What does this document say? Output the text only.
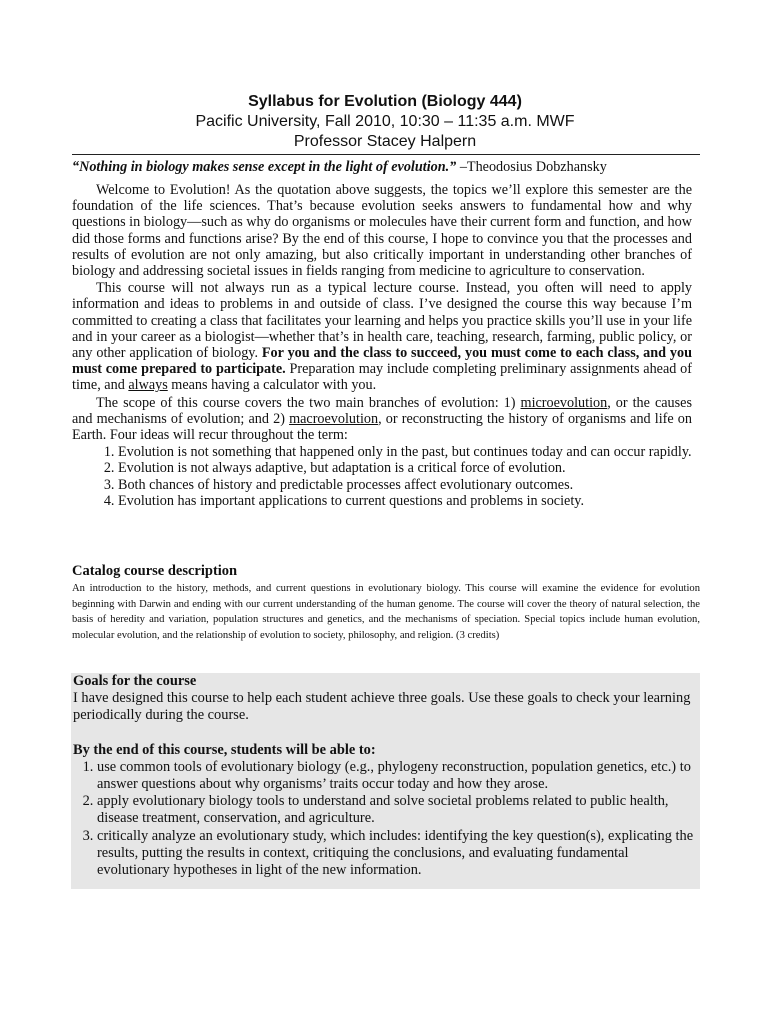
Syllabus for Evolution (Biology 444)
Pacific University, Fall 2010, 10:30 – 11:35 a.m. MWF
Professor Stacey Halpern
“Nothing in biology makes sense except in the light of evolution.” –Theodosius Dobzhansky

Welcome to Evolution! As the quotation above suggests, the topics we’ll explore this semester are the foundation of the life sciences. That’s because evolution seeks answers to fundamental how and why questions in biology—such as why do organisms or molecules have their current form and function, and how did those forms and functions arise? By the end of this course, I hope to convince you that the processes and results of evolution are not only amazing, but also critically important in understanding other branches of biology and addressing societal issues in fields ranging from medicine to agriculture to conservation.

This course will not always run as a typical lecture course. Instead, you often will need to apply information and ideas to problems in and outside of class. I’ve designed the course this way because I’m committed to creating a class that facilitates your learning and helps you practice skills you’ll use in your life and in your career as a biologist—whether that’s in health care, teaching, research, farming, public policy, or any other application of biology. For you and the class to succeed, you must come to each class, and you must come prepared to participate. Preparation may include completing preliminary assignments ahead of time, and always means having a calculator with you.

The scope of this course covers the two main branches of evolution: 1) microevolution, or the causes and mechanisms of evolution; and 2) macroevolution, or reconstructing the history of organisms and life on Earth. Four ideas will recur throughout the term:

1. Evolution is not something that happened only in the past, but continues today and can occur rapidly.
2. Evolution is not always adaptive, but adaptation is a critical force of evolution.
3. Both chances of history and predictable processes affect evolutionary outcomes.
4. Evolution has important applications to current questions and problems in society.
Catalog course description
An introduction to the history, methods, and current questions in evolutionary biology. This course will examine the evidence for evolution beginning with Darwin and ending with our current understanding of the human genome. The course will cover the theory of natural selection, the basis of heredity and variation, population structures and genetics, and the mechanisms of speciation. Special topics include human evolution, molecular evolution, and the relationship of evolution to society, philosophy, and religion. (3 credits)
Goals for the course
I have designed this course to help each student achieve three goals. Use these goals to check your learning periodically during the course.
By the end of this course, students will be able to:
1. use common tools of evolutionary biology (e.g., phylogeny reconstruction, population genetics, etc.) to answer questions about why organisms’ traits occur today and how they arose.
2. apply evolutionary biology tools to understand and solve societal problems related to public health, disease treatment, conservation, and agriculture.
3. critically analyze an evolutionary study, which includes: identifying the key question(s), explicating the results, putting the results in context, critiquing the conclusions, and evaluating fundamental evolutionary hypotheses in light of the new information.
